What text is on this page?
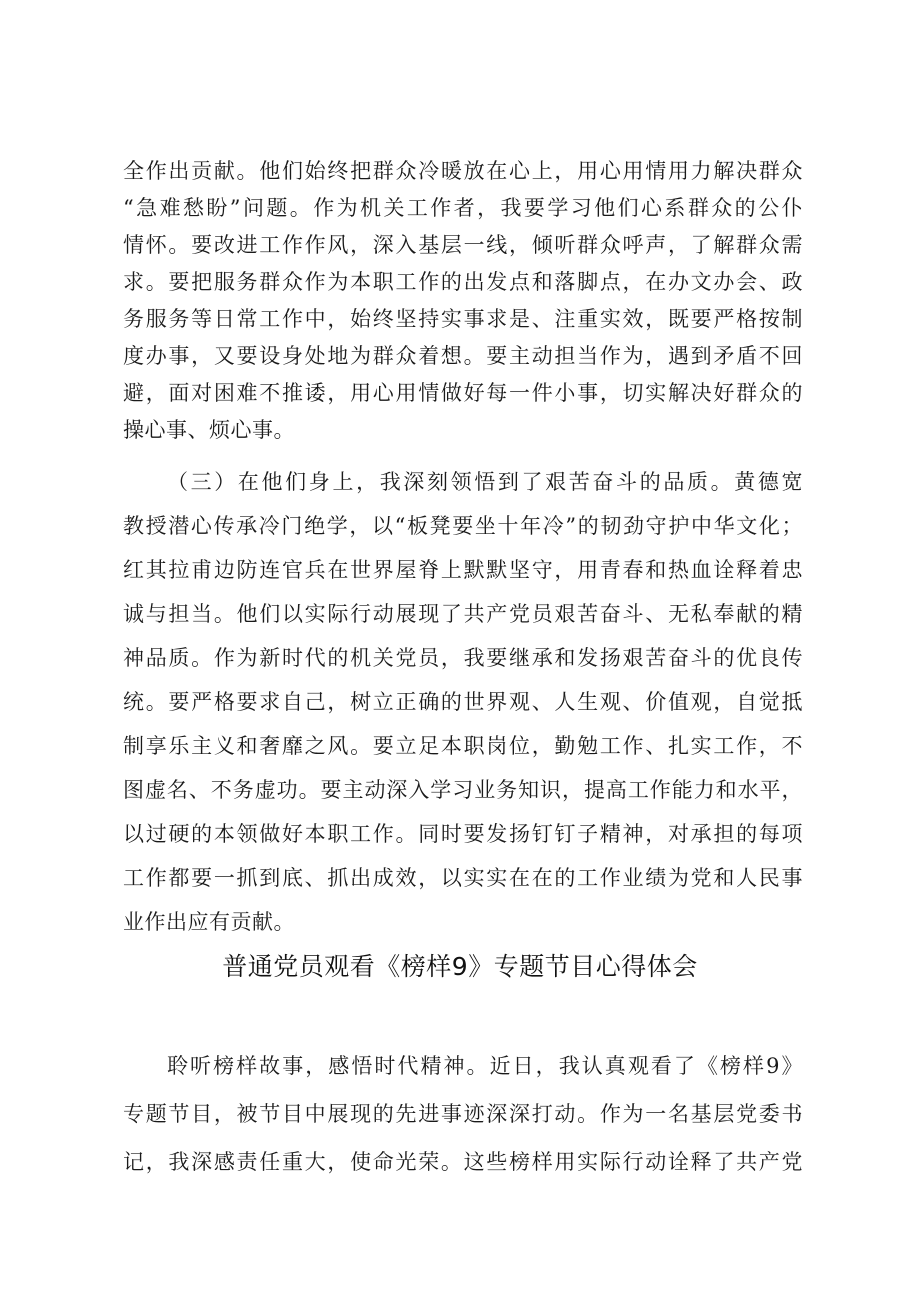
全作出贡献。他们始终把群众冷暖放在心上，用心用情用力解决群众
“急难愁盼”问题。作为机关工作者，我要学习他们心系群众的公仆
情怀。要改进工作作风，深入基层一线，倾听群众呼声，了解群众需
求。要把服务群众作为本职工作的出发点和落脚点，在办文办会、政
务服务等日常工作中，始终坚持实事求是、注重实效，既要严格按制
度办事，又要设身处地为群众着想。要主动担当作为，遇到矛盾不回
避，面对困难不推诿，用心用情做好每一件小事，切实解决好群众的
操心事、烦心事。
（三）在他们身上，我深刻领悟到了艰苦奋斗的品质。黄德宽
教授潜心传承冷门绝学，以“板凳要坐十年冷”的韧劲守护中华文化；
红其拉甫边防连官兵在世界屋脊上默默坚守，用青春和热血诠释着忠
诚与担当。他们以实际行动展现了共产党员艰苦奋斗、无私奉献的精
神品质。作为新时代的机关党员，我要继承和发扬艰苦奋斗的优良传
统。要严格要求自己，树立正确的世界观、人生观、价值观，自觉抵
制享乐主义和奢靡之风。要立足本职岗位，勤勉工作、扎实工作，不
图虚名、不务虚功。要主动深入学习业务知识，提高工作能力和水平，
以过硬的本领做好本职工作。同时要发扬钉钉子精神，对承担的每项
工作都要一抓到底、抓出成效，以实实在在的工作业绩为党和人民事
业作出应有贡献。
普通党员观看《榜样9》专题节目心得体会
聆听榜样故事，感悟时代精神。近日，我认真观看了《榜样9》
专题节目，被节目中展现的先进事迹深深打动。作为一名基层党委书
记，我深感责任重大，使命光荣。这些榜样用实际行动诠释了共产党
